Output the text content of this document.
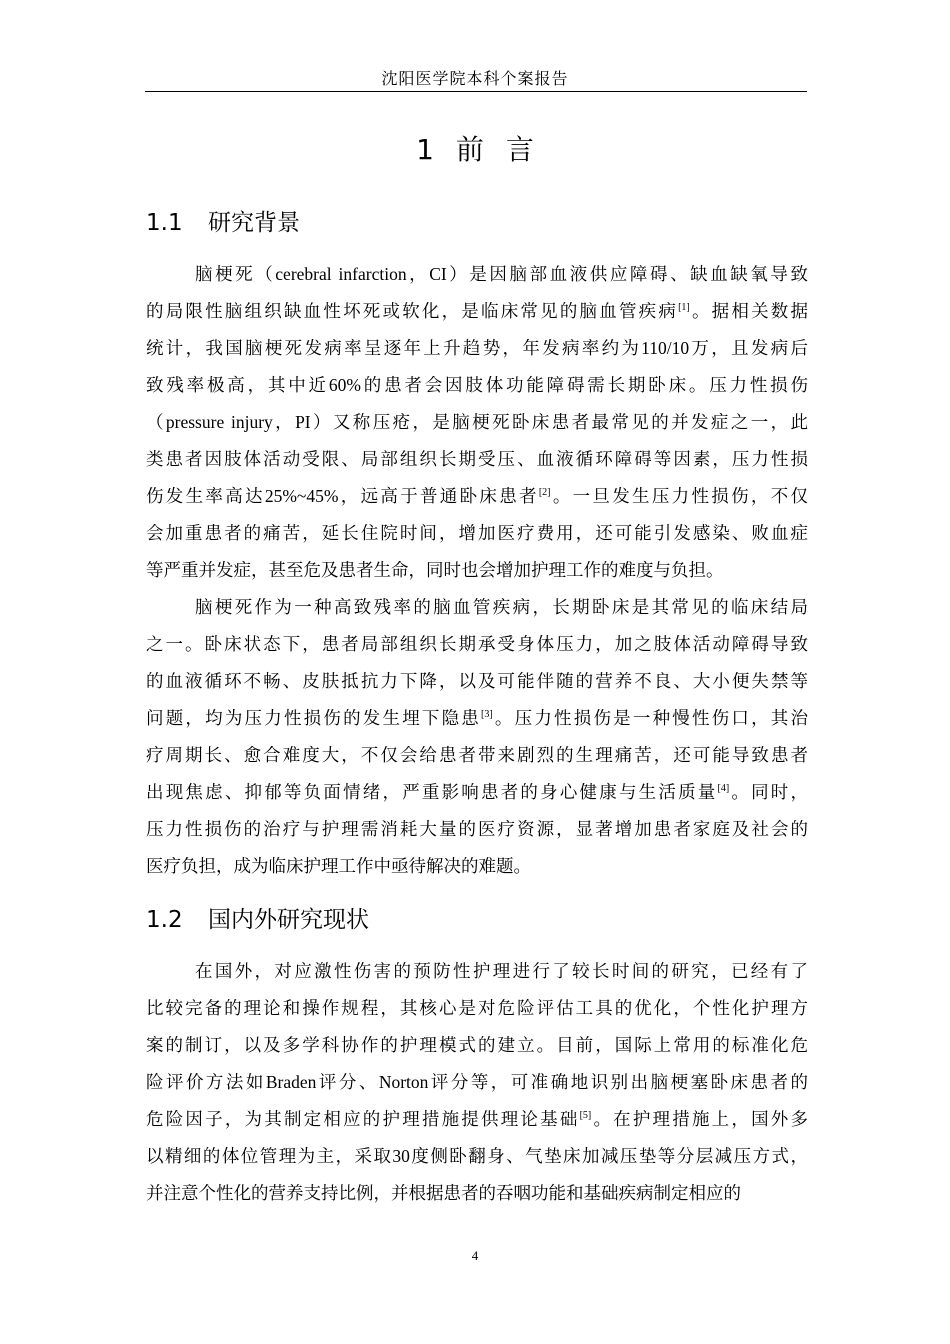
沈阳医学院本科个案报告
1 前言
1.1 研究背景

脑梗死（cerebral infarction，CI）是因脑部血液供应障碍、缺血缺氧导致
的局限性脑组织缺血性坏死或软化，是临床常见的脑血管疾病[1]。据相关数据
统计，我国脑梗死发病率呈逐年上升趋势，年发病率约为110/10万，且发病后
致残率极高，其中近60%的患者会因肢体功能障碍需长期卧床。压力性损伤
（pressure injury，PI）又称压疮，是脑梗死卧床患者最常见的并发症之一，此
类患者因肢体活动受限、局部组织长期受压、血液循环障碍等因素，压力性损
伤发生率高达25%~45%，远高于普通卧床患者[2]。一旦发生压力性损伤，不仅
会加重患者的痛苦，延长住院时间，增加医疗费用，还可能引发感染、败血症
等严重并发症，甚至危及患者生命，同时也会增加护理工作的难度与负担。

脑梗死作为一种高致残率的脑血管疾病，长期卧床是其常见的临床结局
之一。卧床状态下，患者局部组织长期承受身体压力，加之肢体活动障碍导致
的血液循环不畅、皮肤抵抗力下降，以及可能伴随的营养不良、大小便失禁等
问题，均为压力性损伤的发生埋下隐患[3]。压力性损伤是一种慢性伤口，其治
疗周期长、愈合难度大，不仅会给患者带来剧烈的生理痛苦，还可能导致患者
出现焦虑、抑郁等负面情绪，严重影响患者的身心健康与生活质量[4]。同时，
压力性损伤的治疗与护理需消耗大量的医疗资源，显著增加患者家庭及社会的
医疗负担，成为临床护理工作中亟待解决的难题。

1.2 国内外研究现状

在国外，对应激性伤害的预防性护理进行了较长时间的研究，已经有了
比较完备的理论和操作规程，其核心是对危险评估工具的优化，个性化护理方
案的制订，以及多学科协作的护理模式的建立。目前，国际上常用的标准化危
险评价方法如Braden评分、Norton评分等，可准确地识别出脑梗塞卧床患者的
危险因子，为其制定相应的护理措施提供理论基础[5]。在护理措施上，国外多
以精细的体位管理为主，采取30度侧卧翻身、气垫床加减压垫等分层减压方式，
并注意个性化的营养支持比例，并根据患者的吞咽功能和基础疾病制定相应的

4
